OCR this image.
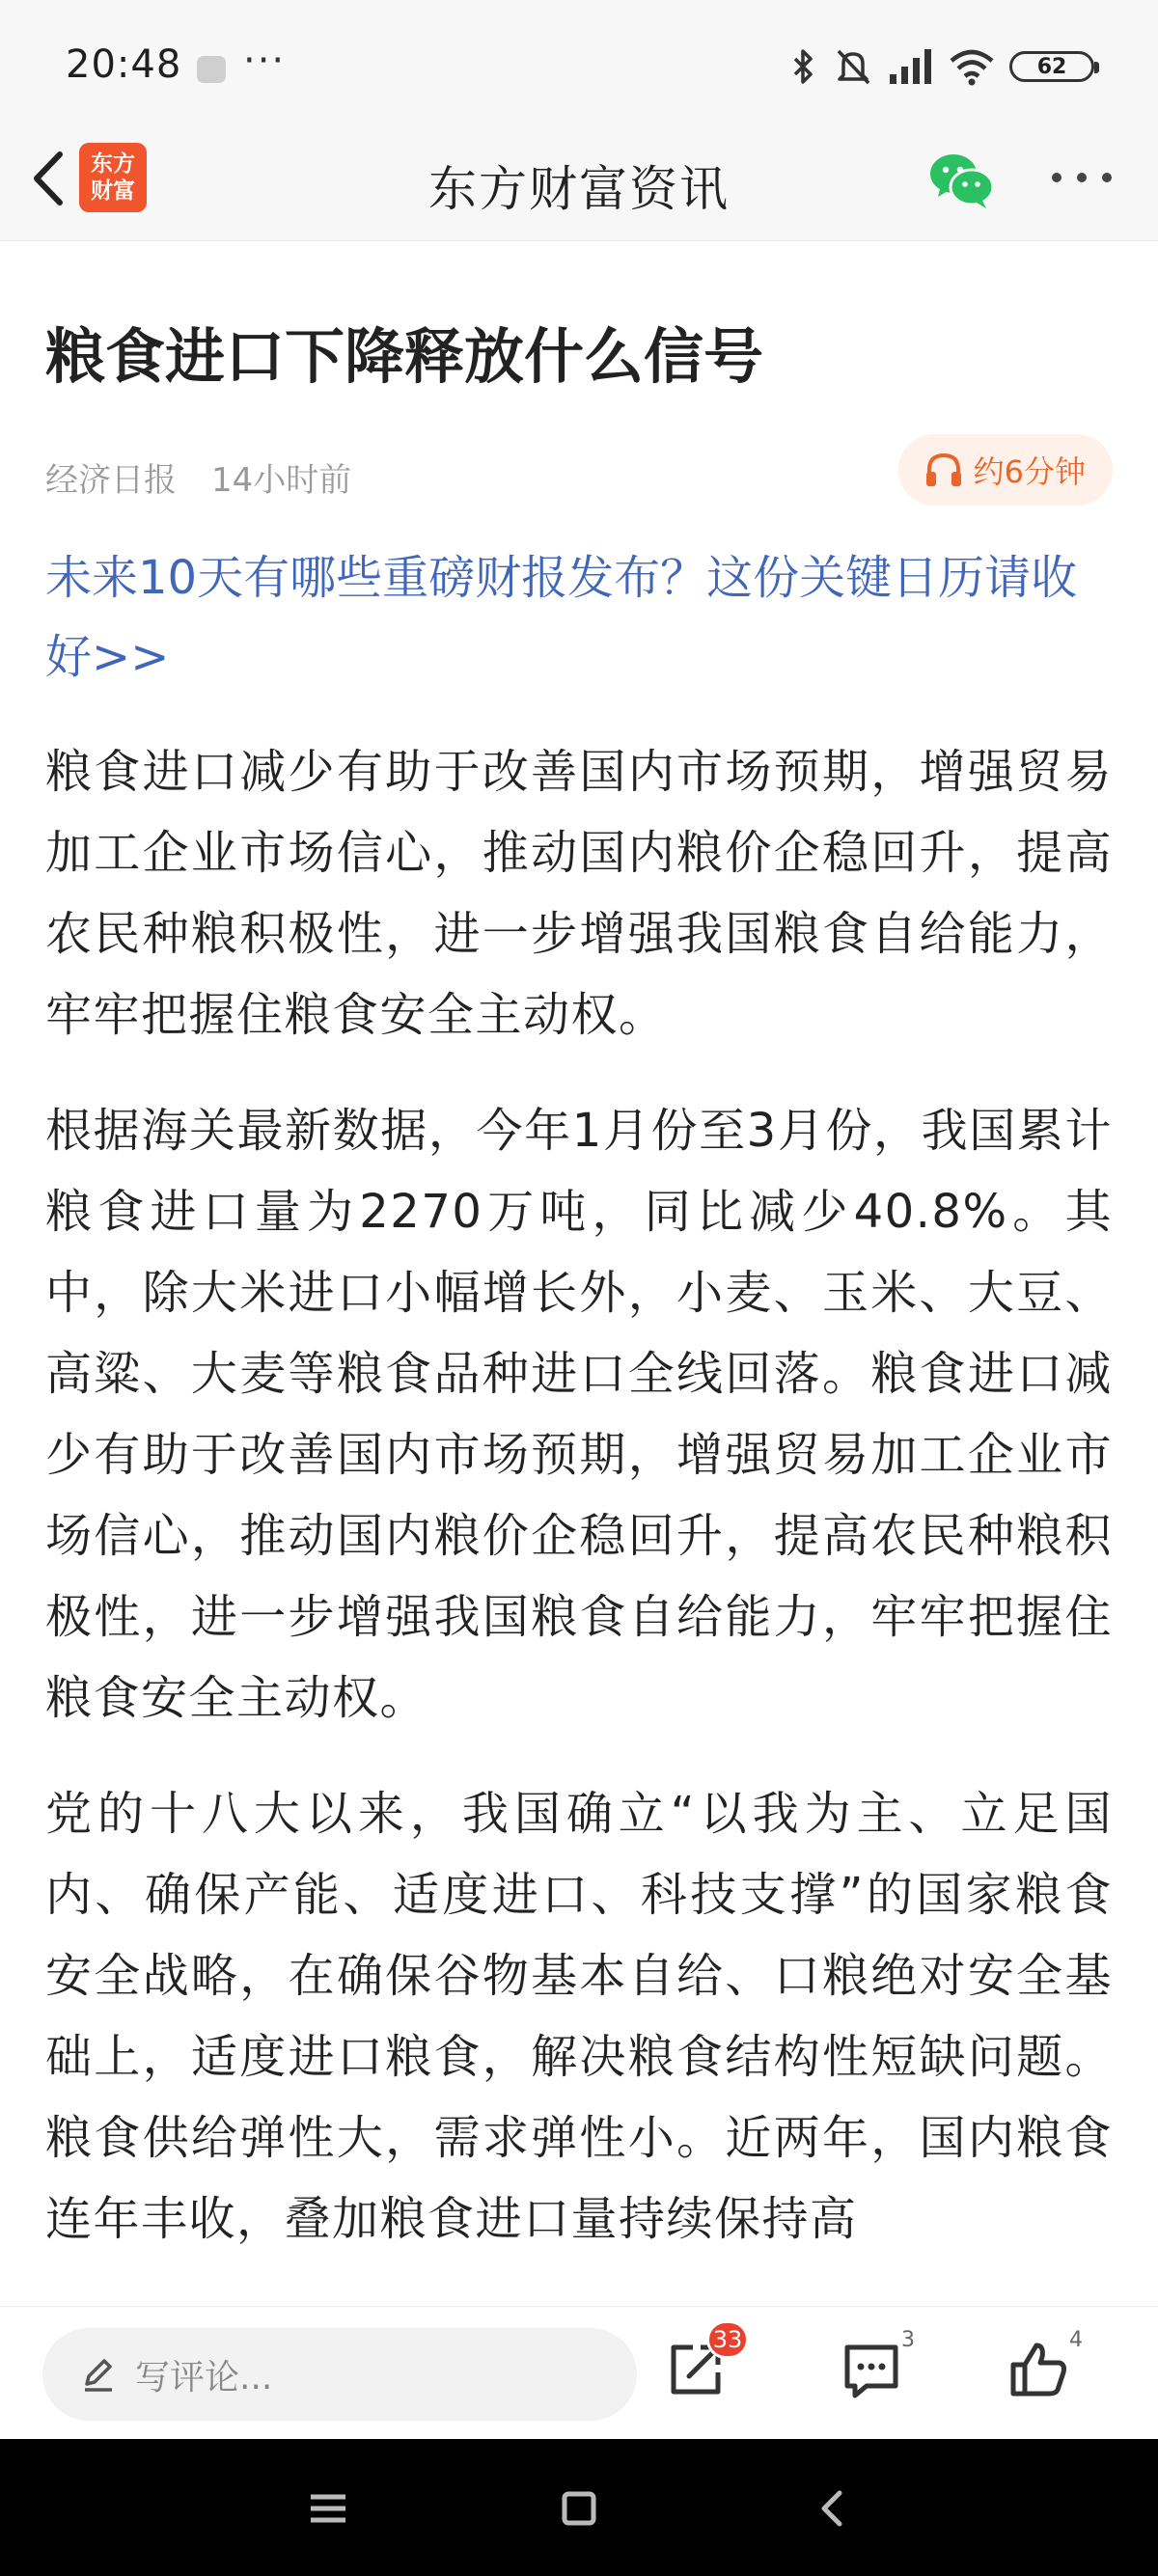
20:48 ···	62
东方
财富	东方财富资讯
粮食进口下降释放什么信号
经济日报 14小时前	约6分钟
未来10天有哪些重磅财报发布？这份关键日历请收好>>

粮食进口减少有助于改善国内市场预期，增强贸易加工企业市场信心，推动国内粮价企稳回升，提高农民种粮积极性，进一步增强我国粮食自给能力，牢牢把握住粮食安全主动权。

根据海关最新数据，今年1月份至3月份，我国累计粮食进口量为2270万吨，同比减少40.8%。其中，除大米进口小幅增长外，小麦、玉米、大豆、高粱、大麦等粮食品种进口全线回落。粮食进口减少有助于改善国内市场预期，增强贸易加工企业市场信心，推动国内粮价企稳回升，提高农民种粮积极性，进一步增强我国粮食自给能力，牢牢把握住粮食安全主动权。

党的十八大以来，我国确立“以我为主、立足国内、确保产能、适度进口、科技支撑”的国家粮食安全战略，在确保谷物基本自给、口粮绝对安全基础上，适度进口粮食，解决粮食结构性短缺问题。粮食供给弹性大，需求弹性小。近两年，国内粮食连年丰收，叠加粮食进口量持续保持高

写评论...
33	3	4
